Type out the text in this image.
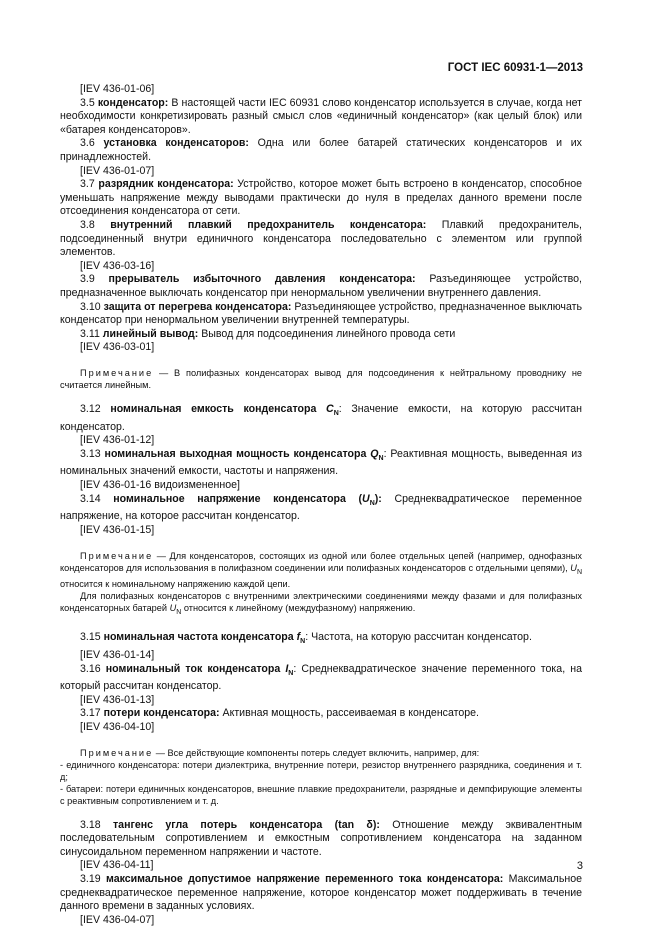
ГОСТ IEC 60931-1—2013

[IEV 436-01-06]

3.5 конденсатор: В настоящей части IEC 60931 слово конденсатор используется в случае, когда нет необходимости конкретизировать разный смысл слов «единичный конденсатор» (как целый блок) или «батарея конденсаторов».

3.6 установка конденсаторов: Одна или более батарей статических конденсаторов и их принадлежностей.

[IEV 436-01-07]

3.7 разрядник конденсатора: Устройство, которое может быть встроено в конденсатор, способное уменьшать напряжение между выводами практически до нуля в пределах данного времени после отсоединения конденсатора от сети.

3.8 внутренний плавкий предохранитель конденсатора: Плавкий предохранитель, подсоединенный внутри единичного конденсатора последовательно с элементом или группой элементов.

[IEV 436-03-16]

3.9 прерыватель избыточного давления конденсатора: Разъединяющее устройство, предназначенное выключать конденсатор при ненормальном увеличении внутреннего давления.

3.10 защита от перегрева конденсатора: Разъединяющее устройство, предназначенное выключать конденсатор при ненормальном увеличении внутренней температуры.

3.11 линейный вывод: Вывод для подсоединения линейного провода сети

[IEV 436-03-01]

Примечание — В полифазных конденсаторах вывод для подсоединения к нейтральному проводнику не считается линейным.

3.12 номинальная емкость конденсатора $C_N$: Значение емкости, на которую рассчитан конденсатор.

[IEV 436-01-12]

3.13 номинальная выходная мощность конденсатора $Q_N$: Реактивная мощность, выведенная из номинальных значений емкости, частоты и напряжения.

[IEV 436-01-16 видоизмененное]

3.14 номинальное напряжение конденсатора $(U_N)$: Среднеквадратическое переменное напряжение, на которое рассчитан конденсатор.

[IEV 436-01-15]

Примечание — Для конденсаторов, состоящих из одной или более отдельных цепей (например, однофазных конденсаторов для использования в полифазном соединении или полифазных конденсаторов с отдельными цепями), $U_N$ относится к номинальному напряжению каждой цепи.

Для полифазных конденсаторов с внутренними электрическими соединениями между фазами и для полифазных конденсаторных батарей $U_N$ относится к линейному (междуфазному) напряжению.

3.15 номинальная частота конденсатора $f_N$: Частота, на которую рассчитан конденсатор.

[IEV 436-01-14]

3.16 номинальный ток конденсатора $I_N$: Среднеквадратическое значение переменного тока, на который рассчитан конденсатор.

[IEV 436-01-13]

3.17 потери конденсатора: Активная мощность, рассеиваемая в конденсаторе.

[IEV 436-04-10]

Примечание — Все действующие компоненты потерь следует включить, например, для:

- единичного конденсатора: потери диэлектрика, внутренние потери, резистор внутреннего разрядника, соединения и т. д;

- батареи: потери единичных конденсаторов, внешние плавкие предохранители, разрядные и демпфирующие элементы с реактивным сопротивлением и т. д.

3.18 тангенс угла потерь конденсатора (tan δ): Отношение между эквивалентным последовательным сопротивлением и емкостным сопротивлением конденсатора на заданном синусоидальном переменном напряжении и частоте.

[IEV 436-04-11]

3.19 максимальное допустимое напряжение переменного тока конденсатора: Максимальное среднеквадратическое переменное напряжение, которое конденсатор может поддерживать в течение данного времени в заданных условиях.

[IEV 436-04-07]

3
